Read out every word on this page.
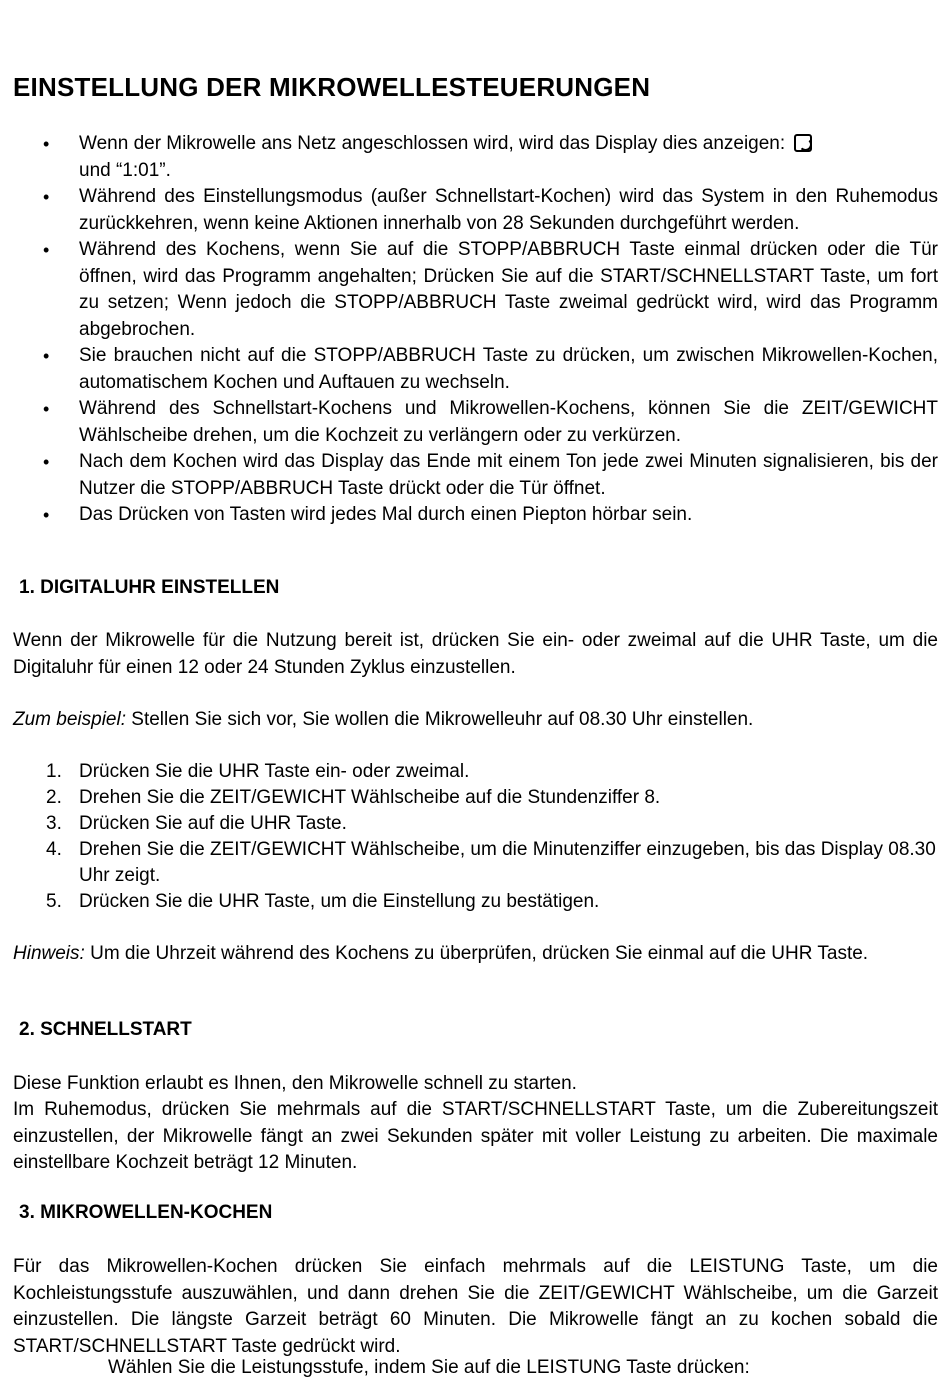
EINSTELLUNG DER MIKROWELLESTEUERUNGEN
• Wenn der Mikrowelle ans Netz angeschlossen wird, wird das Display dies anzeigen:
und “1:01”.
• Während des Einstellungsmodus (außer Schnellstart-Kochen) wird das System in den Ruhemodus zurückkehren, wenn keine Aktionen innerhalb von 28 Sekunden durchgeführt werden.
• Während des Kochens, wenn Sie auf die STOPP/ABBRUCH Taste einmal drücken oder die Tür öffnen, wird das Programm angehalten; Drücken Sie auf die START/SCHNELLSTART Taste, um fort zu setzen; Wenn jedoch die STOPP/ABBRUCH Taste zweimal gedrückt wird, wird das Programm abgebrochen.
• Sie brauchen nicht auf die STOPP/ABBRUCH Taste zu drücken, um zwischen Mikrowellen-Kochen, automatischem Kochen und Auftauen zu wechseln.
• Während des Schnellstart-Kochens und Mikrowellen-Kochens, können Sie die ZEIT/GEWICHT Wählscheibe drehen, um die Kochzeit zu verlängern oder zu verkürzen.
• Nach dem Kochen wird das Display das Ende mit einem Ton jede zwei Minuten signalisieren, bis der Nutzer die STOPP/ABBRUCH Taste drückt oder die Tür öffnet.
• Das Drücken von Tasten wird jedes Mal durch einen Piepton hörbar sein.
1. DIGITALUHR EINSTELLEN

Wenn der Mikrowelle für die Nutzung bereit ist, drücken Sie ein- oder zweimal auf die UHR Taste, um die Digitaluhr für einen 12 oder 24 Stunden Zyklus einzustellen.

Zum beispiel: Stellen Sie sich vor, Sie wollen die Mikrowelleuhr auf 08.30 Uhr einstellen.

1. Drücken Sie die UHR Taste ein- oder zweimal.
2. Drehen Sie die ZEIT/GEWICHT Wählscheibe auf die Stundenziffer 8.
3. Drücken Sie auf die UHR Taste.
4. Drehen Sie die ZEIT/GEWICHT Wählscheibe, um die Minutenziffer einzugeben, bis das Display 08.30 Uhr zeigt.
5. Drücken Sie die UHR Taste, um die Einstellung zu bestätigen.

Hinweis: Um die Uhrzeit während des Kochens zu überprüfen, drücken Sie einmal auf die UHR Taste.

2. SCHNELLSTART

Diese Funktion erlaubt es Ihnen, den Mikrowelle schnell zu starten.

Im Ruhemodus, drücken Sie mehrmals auf die START/SCHNELLSTART Taste, um die Zubereitungszeit einzustellen, der Mikrowelle fängt an zwei Sekunden später mit voller Leistung zu arbeiten. Die maximale einstellbare Kochzeit beträgt 12 Minuten.

3. MIKROWELLEN-KOCHEN

Für das Mikrowellen-Kochen drücken Sie einfach mehrmals auf die LEISTUNG Taste, um die Kochleistungsstufe auszuwählen, und dann drehen Sie die ZEIT/GEWICHT Wählscheibe, um die Garzeit einzustellen. Die längste Garzeit beträgt 60 Minuten. Die Mikrowelle fängt an zu kochen sobald die START/SCHNELLSTART Taste gedrückt wird.

Wählen Sie die Leistungsstufe, indem Sie auf die LEISTUNG Taste drücken:
